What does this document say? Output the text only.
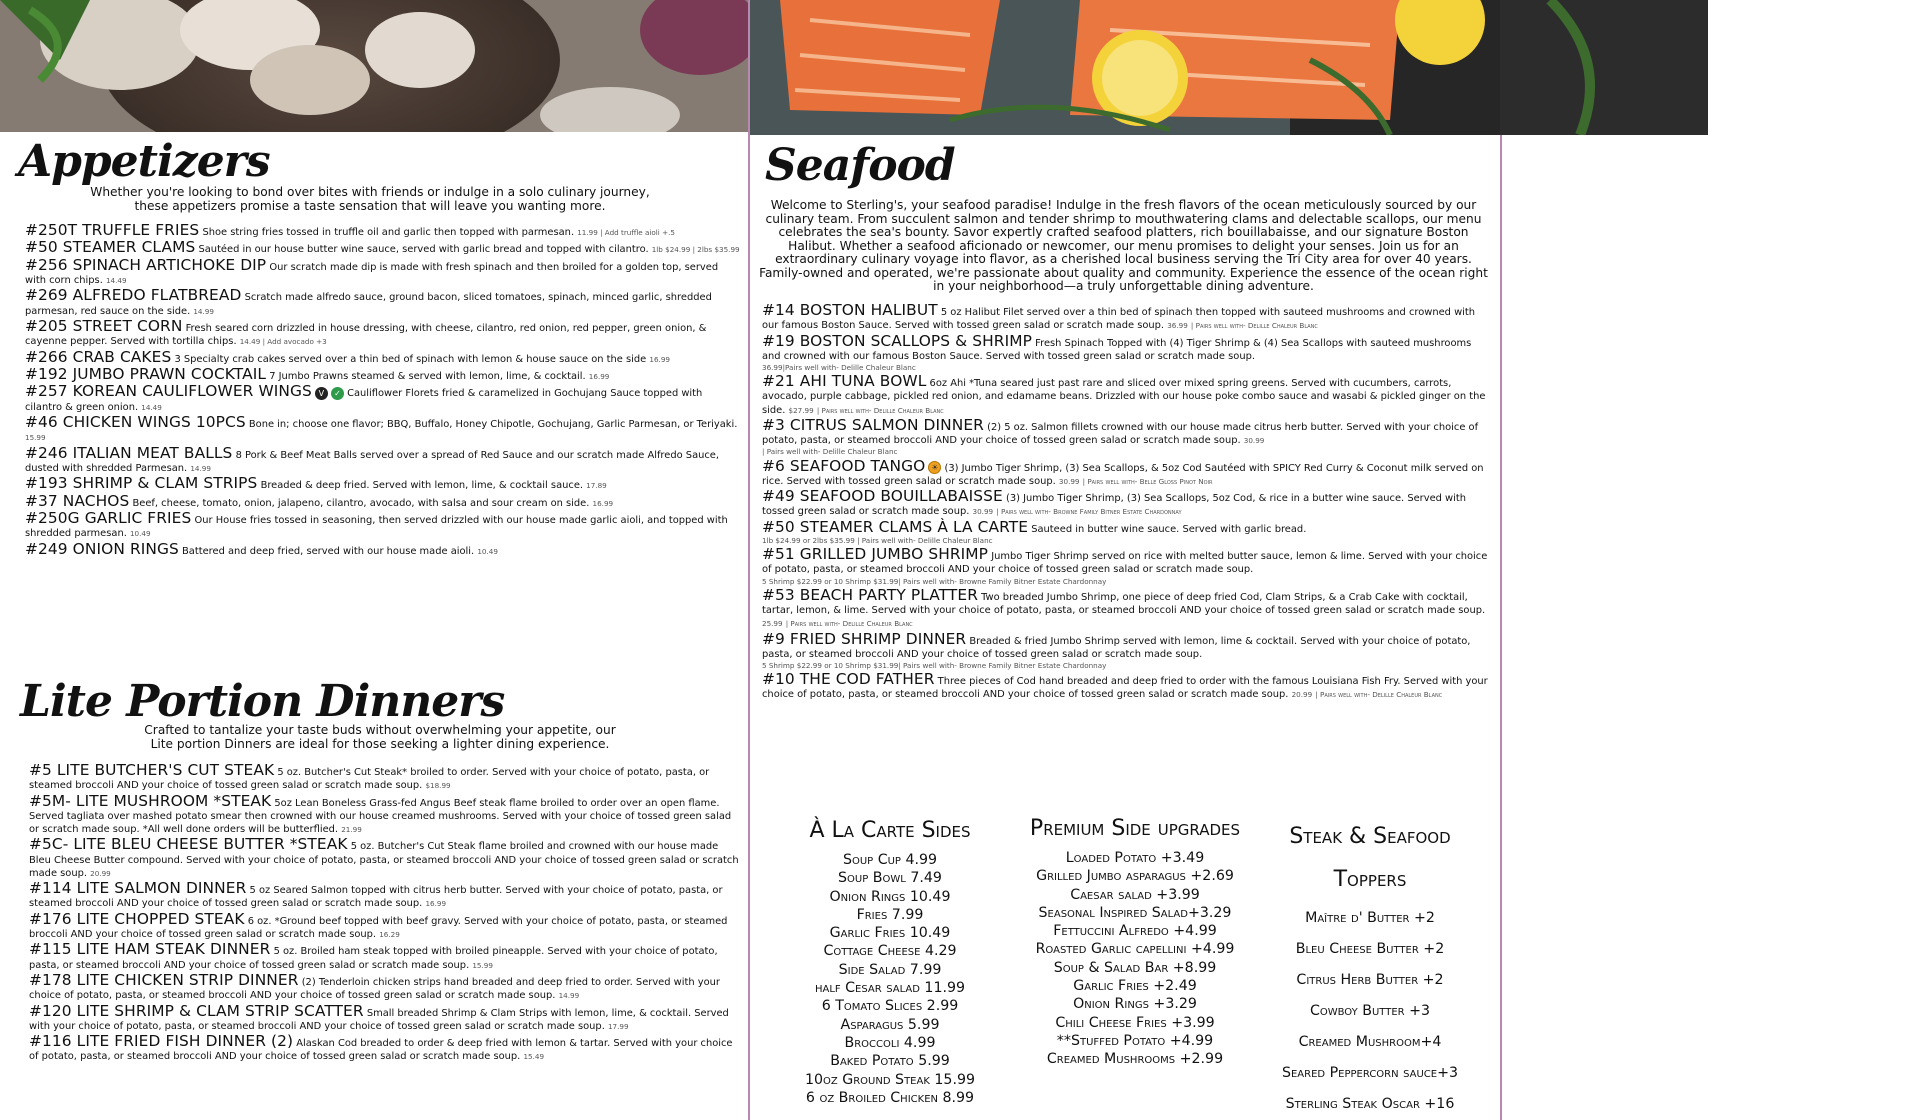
Appetizers
Whether you're looking to bond over bites with friends or indulge in a solo culinary journey, these appetizers promise a taste sensation that will leave you wanting more.
#250T TRUFFLE FRIES Shoe string fries tossed in truffle oil and garlic then topped with parmesan. 11.99 | Add truffle aioli +.5
#50 STEAMER CLAMS Sautéed in our house butter wine sauce, served with garlic bread and topped with cilantro. 1lb $24.99 | 2lbs $35.99
#256 SPINACH ARTICHOKE DIP Our scratch made dip is made with fresh spinach and then broiled for a golden top, served with corn chips. 14.49
#269 ALFREDO FLATBREAD Scratch made alfredo sauce, ground bacon, sliced tomatoes, spinach, minced garlic, shredded parmesan, red sauce on the side. 14.99
#205 STREET CORN Fresh seared corn drizzled in house dressing, with cheese, cilantro, red onion, red pepper, green onion, & cayenne pepper. Served with tortilla chips. 14.49 | Add avocado +3
#266 CRAB CAKES 3 Specialty crab cakes served over a thin bed of spinach with lemon & house sauce on the side 16.99
#192 JUMBO PRAWN COCKTAIL 7 Jumbo Prawns steamed & served with lemon, lime, & cocktail. 16.99
#257 KOREAN CAULIFLOWER WINGS V ✓ Cauliflower Florets fried & caramelized in Gochujang Sauce topped with cilantro & green onion. 14.49
#46 CHICKEN WINGS 10PCS Bone in; choose one flavor; BBQ, Buffalo, Honey Chipotle, Gochujang, Garlic Parmesan, or Teriyaki. 15.99
#246 ITALIAN MEAT BALLS 8 Pork & Beef Meat Balls served over a spread of Red Sauce and our scratch made Alfredo Sauce, dusted with shredded Parmesan. 14.99
#193 SHRIMP & CLAM STRIPS Breaded & deep fried. Served with lemon, lime, & cocktail sauce. 17.89
#37 NACHOS Beef, cheese, tomato, onion, jalapeno, cilantro, avocado, with salsa and sour cream on side. 16.99
#250G GARLIC FRIES Our House fries tossed in seasoning, then served drizzled with our house made garlic aioli, and topped with shredded parmesan. 10.49
#249 ONION RINGS Battered and deep fried, served with our house made aioli. 10.49
Lite Portion Dinners
Crafted to tantalize your taste buds without overwhelming your appetite, our Lite portion Dinners are ideal for those seeking a lighter dining experience.
#5 LITE BUTCHER'S CUT STEAK 5 oz. Butcher's Cut Steak* broiled to order. Served with your choice of potato, pasta, or steamed broccoli AND your choice of tossed green salad or scratch made soup. $18.99
#5M- LITE MUSHROOM *STEAK 5oz Lean Boneless Grass-fed Angus Beef steak flame broiled to order over an open flame. Served tagliata over mashed potato smear then crowned with our house creamed mushrooms. Served with your choice of tossed green salad or scratch made soup. *All well done orders will be butterflied. 21.99
#5C- LITE BLEU CHEESE BUTTER *STEAK 5 oz. Butcher's Cut Steak flame broiled and crowned with our house made Bleu Cheese Butter compound. Served with your choice of potato, pasta, or steamed broccoli AND your choice of tossed green salad or scratch made soup. 20.99
#114 LITE SALMON DINNER 5 oz Seared Salmon topped with citrus herb butter. Served with your choice of potato, pasta, or steamed broccoli AND your choice of tossed green salad or scratch made soup. 16.99
#176 LITE CHOPPED STEAK 6 oz. *Ground beef topped with beef gravy. Served with your choice of potato, pasta, or steamed broccoli AND your choice of tossed green salad or scratch made soup. 16.29
#115 LITE HAM STEAK DINNER 5 oz. Broiled ham steak topped with broiled pineapple. Served with your choice of potato, pasta, or steamed broccoli AND your choice of tossed green salad or scratch made soup. 15.99
#178 LITE CHICKEN STRIP DINNER (2) Tenderloin chicken strips hand breaded and deep fried to order. Served with your choice of potato, pasta, or steamed broccoli AND your choice of tossed green salad or scratch made soup. 14.99
#120 LITE SHRIMP & CLAM STRIP SCATTER Small breaded Shrimp & Clam Strips with lemon, lime, & cocktail. Served with your choice of potato, pasta, or steamed broccoli AND your choice of tossed green salad or scratch made soup. 17.99
#116 LITE FRIED FISH DINNER (2) Alaskan Cod breaded to order & deep fried with lemon & tartar. Served with your choice of potato, pasta, or steamed broccoli AND your choice of tossed green salad or scratch made soup. 15.49
Seafood
Welcome to Sterling's, your seafood paradise! Indulge in the fresh flavors of the ocean meticulously sourced by our culinary team. From succulent salmon and tender shrimp to mouthwatering clams and delectable scallops, our menu celebrates the sea's bounty. Savor expertly crafted seafood platters, rich bouillabaisse, and our signature Boston Halibut. Whether a seafood aficionado or newcomer, our menu promises to delight your senses. Join us for an extraordinary culinary voyage into flavor, as a cherished local business serving the Tri City area for over 40 years. Family-owned and operated, we're passionate about quality and community. Experience the essence of the ocean right in your neighborhood—a truly unforgettable dining adventure.
#14 BOSTON HALIBUT 5 oz Halibut Filet served over a thin bed of spinach then topped with sauteed mushrooms and crowned with our famous Boston Sauce. Served with tossed green salad or scratch made soup. 36.99 | Pairs well with- Delille Chaleur Blanc
#19 BOSTON SCALLOPS & SHRIMP Fresh Spinach Topped with (4) Tiger Shrimp & (4) Sea Scallops with sauteed mushrooms and crowned with our famous Boston Sauce. Served with tossed green salad or scratch made soup.
36.99|Pairs well with- Delille Chaleur Blanc
#21 AHI TUNA BOWL 6oz Ahi *Tuna seared just past rare and sliced over mixed spring greens. Served with cucumbers, carrots, avocado, purple cabbage, pickled red onion, and edamame beans. Drizzled with our house poke combo sauce and wasabi & pickled ginger on the side. $27.99 | Pairs well with- Delille Chaleur Blanc
#3 CITRUS SALMON DINNER (2) 5 oz. Salmon fillets crowned with our house made citrus herb butter. Served with your choice of potato, pasta, or steamed broccoli AND your choice of tossed green salad or scratch made soup. 30.99
| Pairs well with- Delille Chaleur Blanc
#6 SEAFOOD TANGO ☀ (3) Jumbo Tiger Shrimp, (3) Sea Scallops, & 5oz Cod Sautéed with SPICY Red Curry & Coconut milk served on rice. Served with tossed green salad or scratch made soup. 30.99 | Pairs well with- Belle Gloss Pinot Noir
#49 SEAFOOD BOUILLABAISSE (3) Jumbo Tiger Shrimp, (3) Sea Scallops, 5oz Cod, & rice in a butter wine sauce. Served with tossed green salad or scratch made soup. 30.99 | Pairs well with- Browne Family Bitner Estate Chardonnay
#50 STEAMER CLAMS À LA CARTE Sauteed in butter wine sauce. Served with garlic bread.
1lb $24.99 or 2lbs $35.99 | Pairs well with- Delille Chaleur Blanc
#51 GRILLED JUMBO SHRIMP Jumbo Tiger Shrimp served on rice with melted butter sauce, lemon & lime. Served with your choice of potato, pasta, or steamed broccoli AND your choice of tossed green salad or scratch made soup.
5 Shrimp $22.99 or 10 Shrimp $31.99| Pairs well with- Browne Family Bitner Estate Chardonnay
#53 BEACH PARTY PLATTER Two breaded Jumbo Shrimp, one piece of deep fried Cod, Clam Strips, & a Crab Cake with cocktail, tartar, lemon, & lime. Served with your choice of potato, pasta, or steamed broccoli AND your choice of tossed green salad or scratch made soup. 25.99 | Pairs well with- Delille Chaleur Blanc
#9 FRIED SHRIMP DINNER Breaded & fried Jumbo Shrimp served with lemon, lime & cocktail. Served with your choice of potato, pasta, or steamed broccoli AND your choice of tossed green salad or scratch made soup.
5 Shrimp $22.99 or 10 Shrimp $31.99| Pairs well with- Browne Family Bitner Estate Chardonnay
#10 THE COD FATHER Three pieces of Cod hand breaded and deep fried to order with the famous Louisiana Fish Fry. Served with your choice of potato, pasta, or steamed broccoli AND your choice of tossed green salad or scratch made soup. 20.99 | Pairs well with- Delille Chaleur Blanc
À La Carte Sides
Soup Cup 4.99
Soup Bowl 7.49
Onion Rings 10.49
Fries 7.99
Garlic Fries 10.49
Cottage Cheese 4.29
Side Salad 7.99
half Cesar salad 11.99
6 Tomato Slices 2.99
Asparagus 5.99
Broccoli 4.99
Baked Potato 5.99
10oz Ground Steak 15.99
6 oz Broiled Chicken 8.99
Premium Side upgrades
Loaded Potato +3.49
Grilled Jumbo asparagus +2.69
Caesar salad +3.99
Seasonal Inspired Salad+3.29
Fettuccini Alfredo +4.99
Roasted Garlic capellini +4.99
Soup & Salad Bar +8.99
Garlic Fries +2.49
Onion Rings +3.29
Chili Cheese Fries +3.99
**Stuffed Potato +4.99
Creamed Mushrooms +2.99
Steak & Seafood
Toppers
Maître d' Butter +2
Bleu Cheese Butter +2
Citrus Herb Butter +2
Cowboy Butter +3
Creamed Mushroom+4
Seared Peppercorn sauce+3
Sterling Steak Oscar +16
